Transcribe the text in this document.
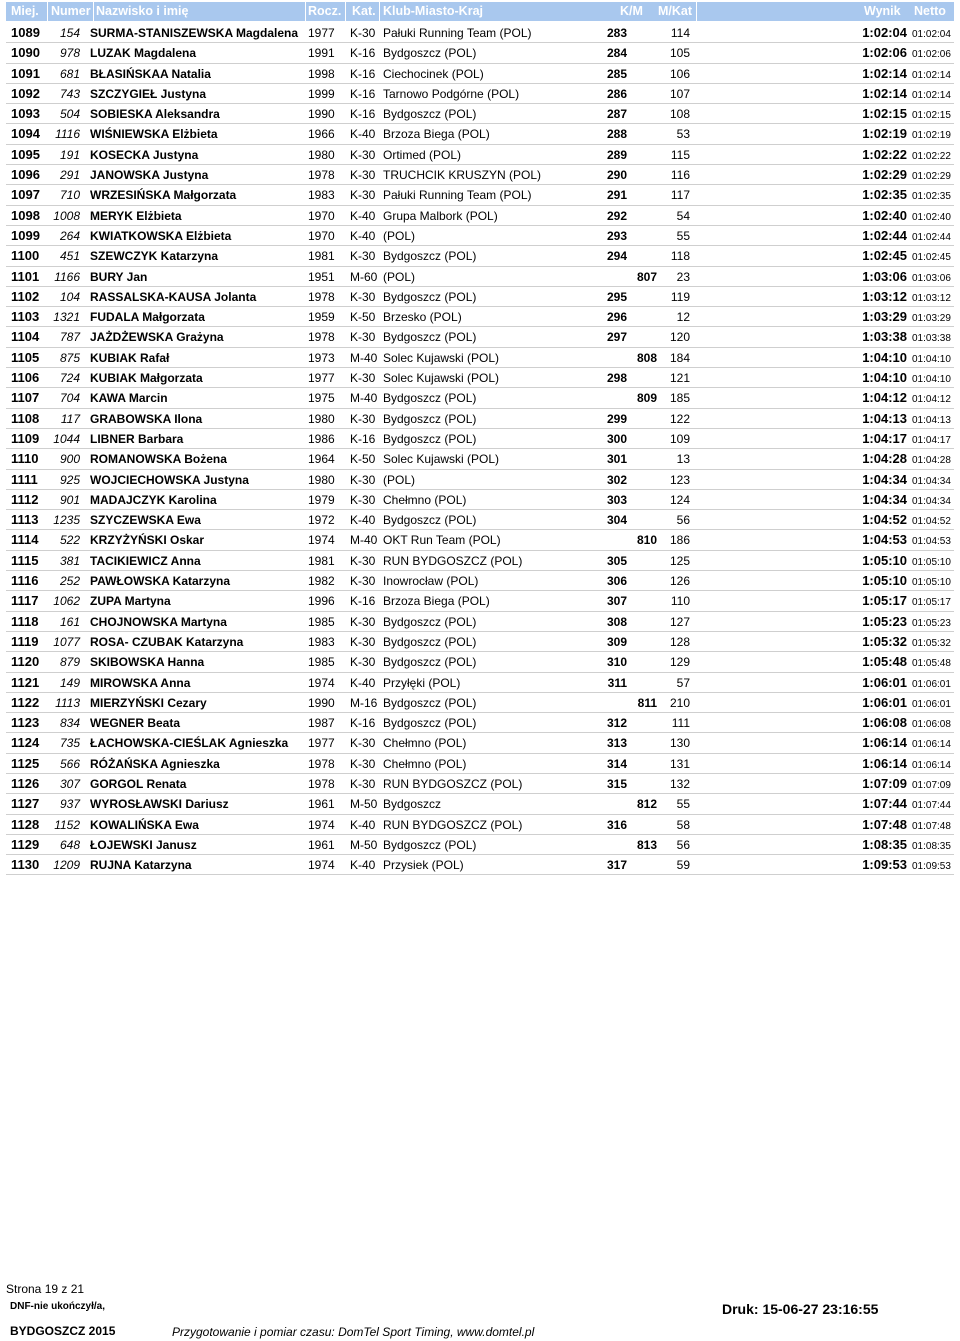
Miej. Numer Nazwisko i imię	Rocz. Kat. Klub-Miasto-Kraj	K/M M/Kat	Wynik Netto
1089	154 SURMA-STANISZEWSKA Magdalena 1977 K-30 Pałuki Running Team (POL)	283	114	1:02:04 01:02:04
1090	978 LUZAK Magdalena	1991 K-16 Bydgoszcz (POL)	284	105	1:02:06 01:02:06
1091	681 BŁASIŃSKAA Natalia	1998 K-16 Ciechocinek (POL)	285	106	1:02:14 01:02:14
1092	743 SZCZYGIEŁ Justyna	1999 K-16 Tarnowo Podgórne (POL)	286	107	1:02:14 01:02:14
1093	504 SOBIESKA Aleksandra	1990 K-16 Bydgoszcz (POL)	287	108	1:02:15 01:02:15
1094	1116 WIŚNIEWSKA Elżbieta	1966 K-40 Brzoza Biega (POL)	288	53	1:02:19 01:02:19
1095	191 KOSECKA Justyna	1980 K-30 Ortimed (POL)	289	115	1:02:22 01:02:22
1096	291 JANOWSKA Justyna	1978 K-30 TRUCHCIK KRUSZYN (POL)	290	116	1:02:29 01:02:29
1097	710 WRZESIŃSKA Małgorzata	1983 K-30 Pałuki Running Team (POL)	291	117	1:02:35 01:02:35
1098	1008 MERYK Elżbieta	1970 K-40 Grupa Malbork (POL)	292	54	1:02:40 01:02:40
1099	264 KWIATKOWSKA Elżbieta	1970 K-40 (POL)	293	55	1:02:44 01:02:44
1100	451 SZEWCZYK Katarzyna	1981 K-30 Bydgoszcz (POL)	294	118	1:02:45 01:02:45
1101	1166 BURY Jan	1951 M-60 (POL)	807	23	1:03:06 01:03:06
1102	104 RASSALSKA-KAUSA Jolanta	1978 K-30 Bydgoszcz (POL)	295	119	1:03:12 01:03:12
1103	1321 FUDALA Małgorzata	1959 K-50 Brzesko (POL)	296	12	1:03:29 01:03:29
1104	787 JAŻDŻEWSKA Grażyna	1978 K-30 Bydgoszcz (POL)	297	120	1:03:38 01:03:38
1105	875 KUBIAK Rafał	1973 M-40 Solec Kujawski (POL)	808 184	1:04:10 01:04:10
1106	724 KUBIAK Małgorzata	1977 K-30 Solec Kujawski (POL)	298	121	1:04:10 01:04:10
1107	704 KAWA Marcin	1975 M-40 Bydgoszcz (POL)	809 185	1:04:12 01:04:12
1108	117 GRABOWSKA Ilona	1980 K-30 Bydgoszcz (POL)	299	122	1:04:13 01:04:13
1109	1044 LIBNER Barbara	1986 K-16 Bydgoszcz (POL)	300	109	1:04:17 01:04:17
1110	900 ROMANOWSKA Bożena	1964 K-50 Solec Kujawski (POL)	301	13	1:04:28 01:04:28
1111	925 WOJCIECHOWSKA Justyna	1980 K-30 (POL)	302	123	1:04:34 01:04:34
1112	901 MADAJCZYK Karolina	1979 K-30 Chełmno (POL)	303	124	1:04:34 01:04:34
1113	1235 SZYCZEWSKA Ewa	1972 K-40 Bydgoszcz (POL)	304	56	1:04:52 01:04:52
1114	522 KRZYŻYŃSKI Oskar	1974 M-40 OKT Run Team (POL)	810 186	1:04:53 01:04:53
1115	381 TACIKIEWICZ Anna	1981 K-30 RUN BYDGOSZCZ (POL)	305	125	1:05:10 01:05:10
1116	252 PAWŁOWSKA Katarzyna	1982 K-30 Inowrocław (POL)	306	126	1:05:10 01:05:10
1117	1062 ZUPA Martyna	1996 K-16 Brzoza Biega (POL)	307	110	1:05:17 01:05:17
1118	161 CHOJNOWSKA Martyna	1985 K-30 Bydgoszcz (POL)	308	127	1:05:23 01:05:23
1119	1077 ROSA- CZUBAK Katarzyna	1983 K-30 Bydgoszcz (POL)	309	128	1:05:32 01:05:32
1120	879 SKIBOWSKA Hanna	1985 K-30 Bydgoszcz (POL)	310	129	1:05:48 01:05:48
1121	149 MIROWSKA Anna	1974 K-40 Przyłęki (POL)	311	57	1:06:01 01:06:01
1122	1113 MIERZYŃSKI Cezary	1990 M-16 Bydgoszcz (POL)	811 210	1:06:01 01:06:01
1123	834 WEGNER Beata	1987 K-16 Bydgoszcz (POL)	312	111	1:06:08 01:06:08
1124	735 ŁACHOWSKA-CIEŚLAK Agnieszka 1977 K-30 Chełmno (POL)	313	130	1:06:14 01:06:14
1125	566 RÓŻAŃSKA Agnieszka	1978 K-30 Chełmno (POL)	314	131	1:06:14 01:06:14
1126	307 GORGOL Renata	1978 K-30 RUN BYDGOSZCZ (POL)	315	132	1:07:09 01:07:09
1127	937 WYROSŁAWSKI Dariusz	1961 M-50 Bydgoszcz	812	55	1:07:44 01:07:44
1128	1152 KOWALIŃSKA Ewa	1974 K-40 RUN BYDGOSZCZ (POL)	316	58	1:07:48 01:07:48
1129	648 ŁOJEWSKI Janusz	1961 M-50 Bydgoszcz (POL)	813	56	1:08:35 01:08:35
1130	1209 RUJNA Katarzyna	1974 K-40 Przysiek (POL)	317	59	1:09:53 01:09:53
Strona 19 z 21
DNF-nie ukończył/a,
BYDGOSZCZ 2015	Przygotowanie i pomiar czasu: DomTel Sport Timing, www.domtel.pl
Druk: 15-06-27 23:16:55
